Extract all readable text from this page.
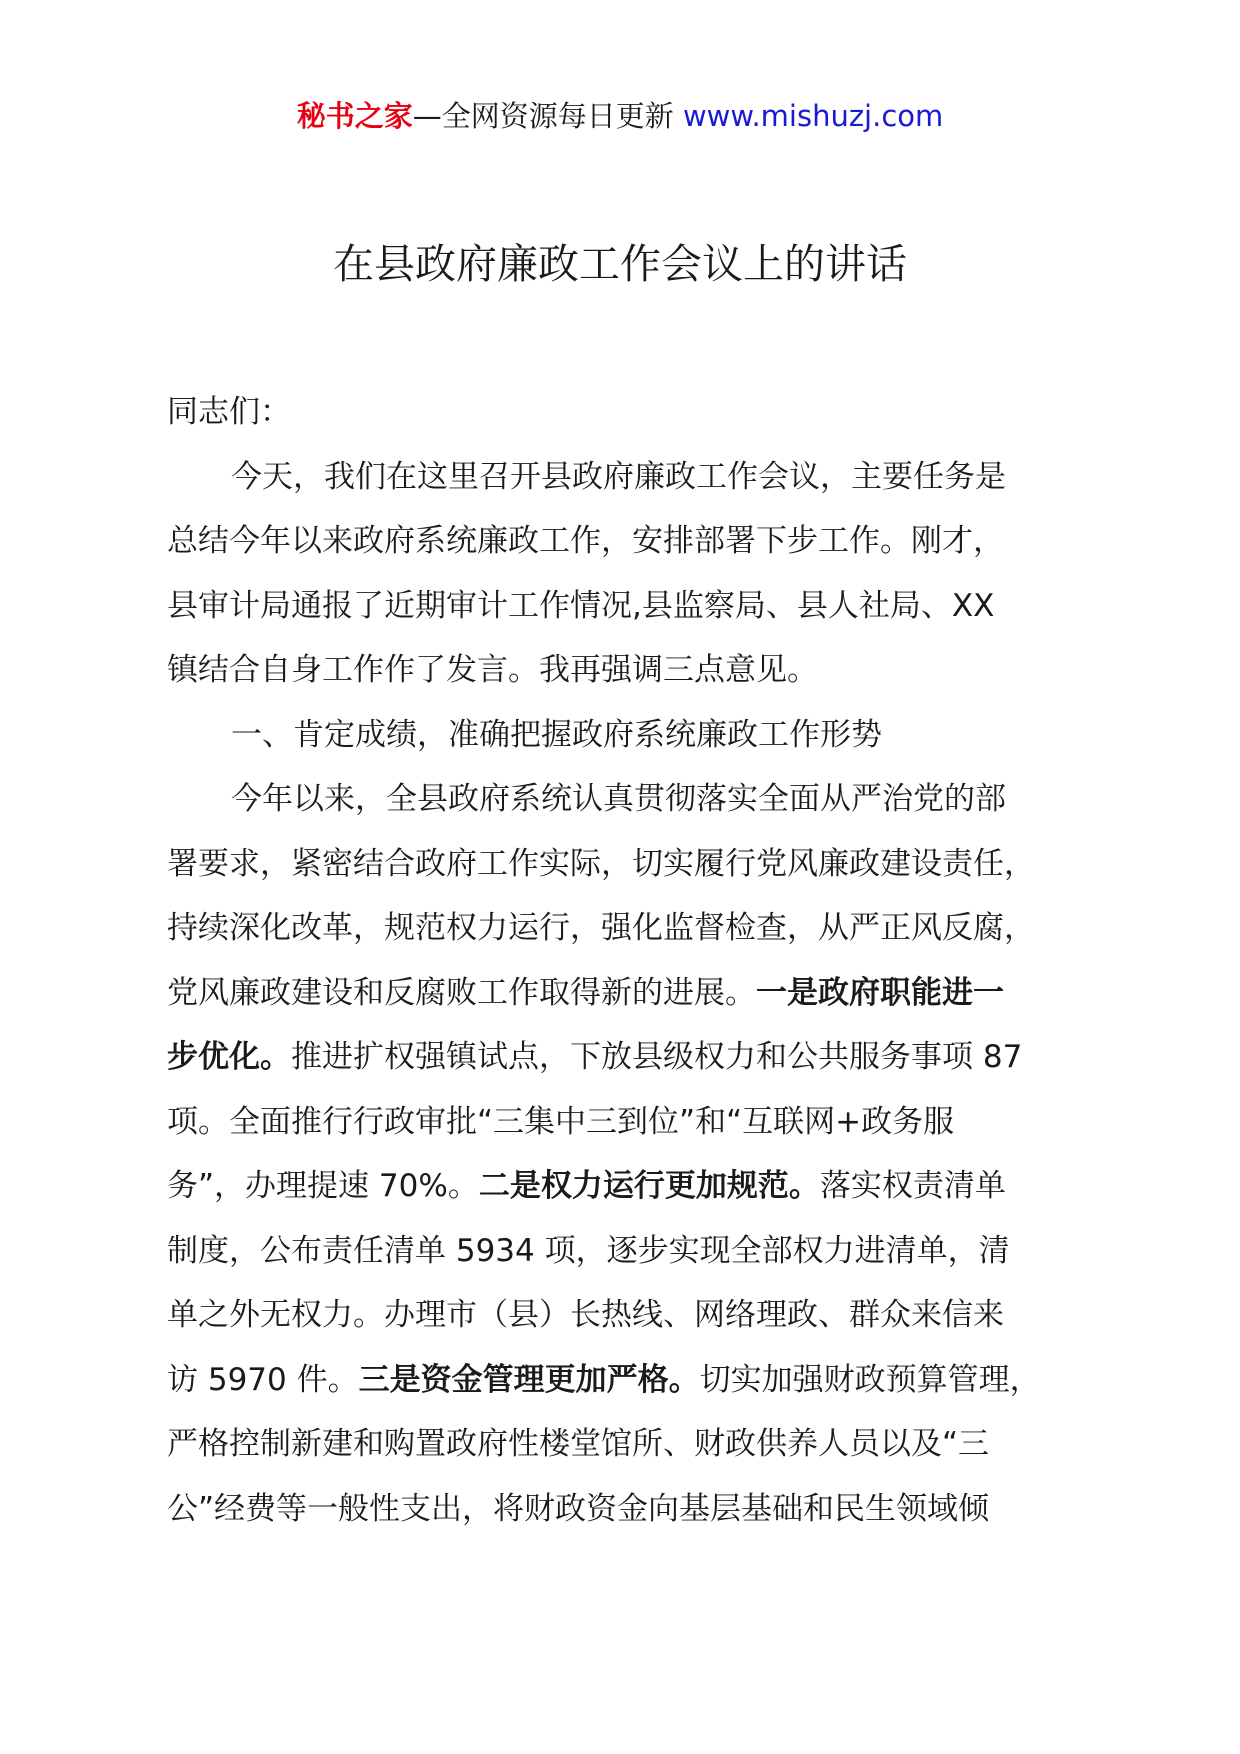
秘书之家—全网资源每日更新 www.mishuzj.com
在县政府廉政工作会议上的讲话
同志们：
今天，我们在这里召开县政府廉政工作会议，主要任务是
总结今年以来政府系统廉政工作，安排部署下步工作。刚才，
县审计局通报了近期审计工作情况,县监察局、县人社局、XX
镇结合自身工作作了发言。我再强调三点意见。
一、肯定成绩，准确把握政府系统廉政工作形势
今年以来，全县政府系统认真贯彻落实全面从严治党的部
署要求，紧密结合政府工作实际，切实履行党风廉政建设责任，
持续深化改革，规范权力运行，强化监督检查，从严正风反腐，
党风廉政建设和反腐败工作取得新的进展。一是政府职能进一
步优化。推进扩权强镇试点，下放县级权力和公共服务事项 87
项。全面推行行政审批“三集中三到位”和“互联网+政务服
务”，办理提速 70%。二是权力运行更加规范。落实权责清单
制度，公布责任清单 5934 项，逐步实现全部权力进清单，清
单之外无权力。办理市（县）长热线、网络理政、群众来信来
访 5970 件。三是资金管理更加严格。切实加强财政预算管理，
严格控制新建和购置政府性楼堂馆所、财政供养人员以及“三
公”经费等一般性支出，将财政资金向基层基础和民生领域倾
